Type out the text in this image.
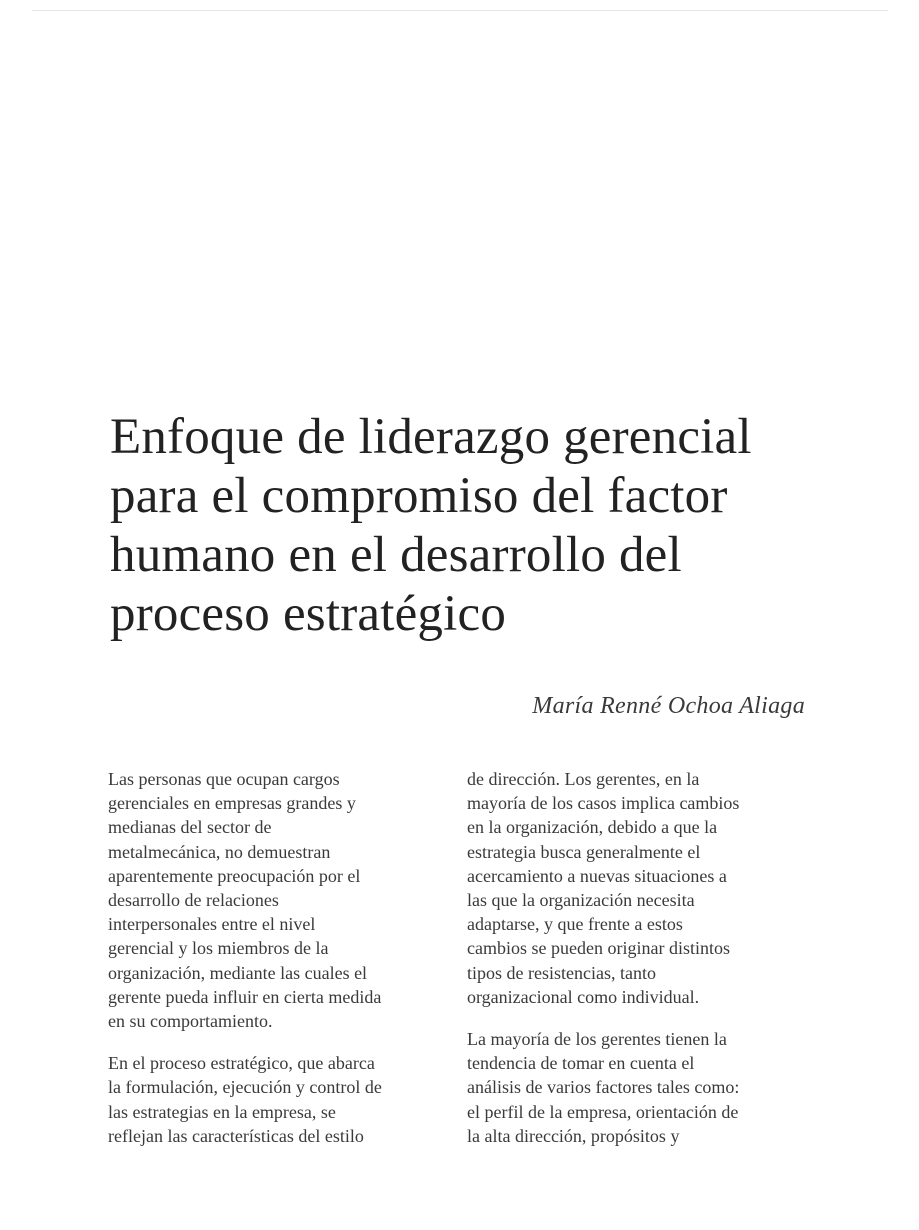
Enfoque de liderazgo gerencial
para el compromiso del factor
humano en el desarrollo del
proceso estratégico
María Renné Ochoa Aliaga

Las personas que ocupan cargos
gerenciales en empresas grandes y
medianas del sector de
metalmecánica, no demuestran
aparentemente preocupación por el
desarrollo de relaciones
interpersonales entre el nivel
gerencial y los miembros de la
organización, mediante las cuales el
gerente pueda influir en cierta medida
en su comportamiento.

En el proceso estratégico, que abarca
la formulación, ejecución y control de
las estrategias en la empresa, se
reflejan las características del estilo

de dirección. Los gerentes, en la
mayoría de los casos implica cambios
en la organización, debido a que la
estrategia busca generalmente el
acercamiento a nuevas situaciones a
las que la organización necesita
adaptarse, y que frente a estos
cambios se pueden originar distintos
tipos de resistencias, tanto
organizacional como individual.

La mayoría de los gerentes tienen la
tendencia de tomar en cuenta el
análisis de varios factores tales como:
el perfil de la empresa, orientación de
la alta dirección, propósitos y
